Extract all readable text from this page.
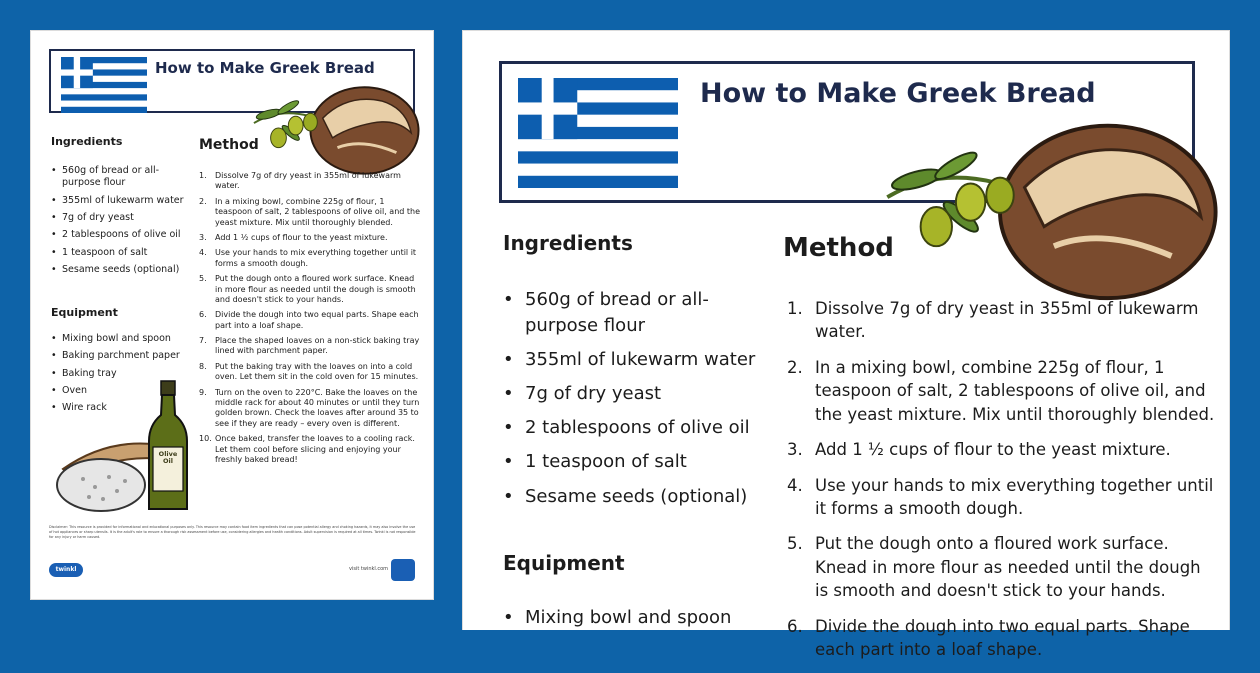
How to Make Greek Bread
Ingredients
• 560g of bread or all-purpose flour
• 355ml of lukewarm water
• 7g of dry yeast
• 2 tablespoons of olive oil
• 1 teaspoon of salt
• Sesame seeds (optional)
Equipment
• Mixing bowl and spoon
• Baking parchment paper
• Baking tray
• Oven
• Wire rack
Method
1. Dissolve 7g of dry yeast in 355ml of lukewarm water.
2. In a mixing bowl, combine 225g of flour, 1 teaspoon of salt, 2 tablespoons of olive oil, and the yeast mixture. Mix until thoroughly blended.
3. Add 1 ½ cups of flour to the yeast mixture.
4. Use your hands to mix everything together until it forms a smooth dough.
5. Put the dough onto a floured work surface. Knead in more flour as needed until the dough is smooth and doesn't stick to your hands.
6. Divide the dough into two equal parts. Shape each part into a loaf shape.
7. Place the shaped loaves on a non-stick baking tray lined with parchment paper.
8. Put the baking tray with the loaves on into a cold oven. Let them sit in the cold oven for 15 minutes.
9. Turn on the oven to 220°C. Bake the loaves on the middle rack for about 40 minutes or until they turn golden brown. Check the loaves after around 35 to see if they are ready – every oven is different.
10. Once baked, transfer the loaves to a cooling rack. Let them cool before slicing and enjoying your freshly baked bread!
Olive Oil
Disclaimer: This resource is provided for informational and educational purposes only. This resource may contain food item ingredients that can pose potential allergy and choking hazards, it may also involve the use of hot appliances or sharp utensils. It is the adult's role to ensure a thorough risk assessment before use, considering allergies and health conditions. Adult supervision is required at all times. Twinkl is not responsible for any injury or harm caused.
twinkl	visit twinkl.com
How to Make Greek Bread
Ingredients
• 560g of bread or all-purpose flour
• 355ml of lukewarm water
• 7g of dry yeast
• 2 tablespoons of olive oil
• 1 teaspoon of salt
• Sesame seeds (optional)
Equipment
• Mixing bowl and spoon
Method
1. Dissolve 7g of dry yeast in 355ml of lukewarm water.
2. In a mixing bowl, combine 225g of flour, 1 teaspoon of salt, 2 tablespoons of olive oil, and the yeast mixture. Mix until thoroughly blended.
3. Add 1 ½ cups of flour to the yeast mixture.
4. Use your hands to mix everything together until it forms a smooth dough.
5. Put the dough onto a floured work surface. Knead in more flour as needed until the dough is smooth and doesn't stick to your hands.
6. Divide the dough into two equal parts. Shape each part into a loaf shape.
